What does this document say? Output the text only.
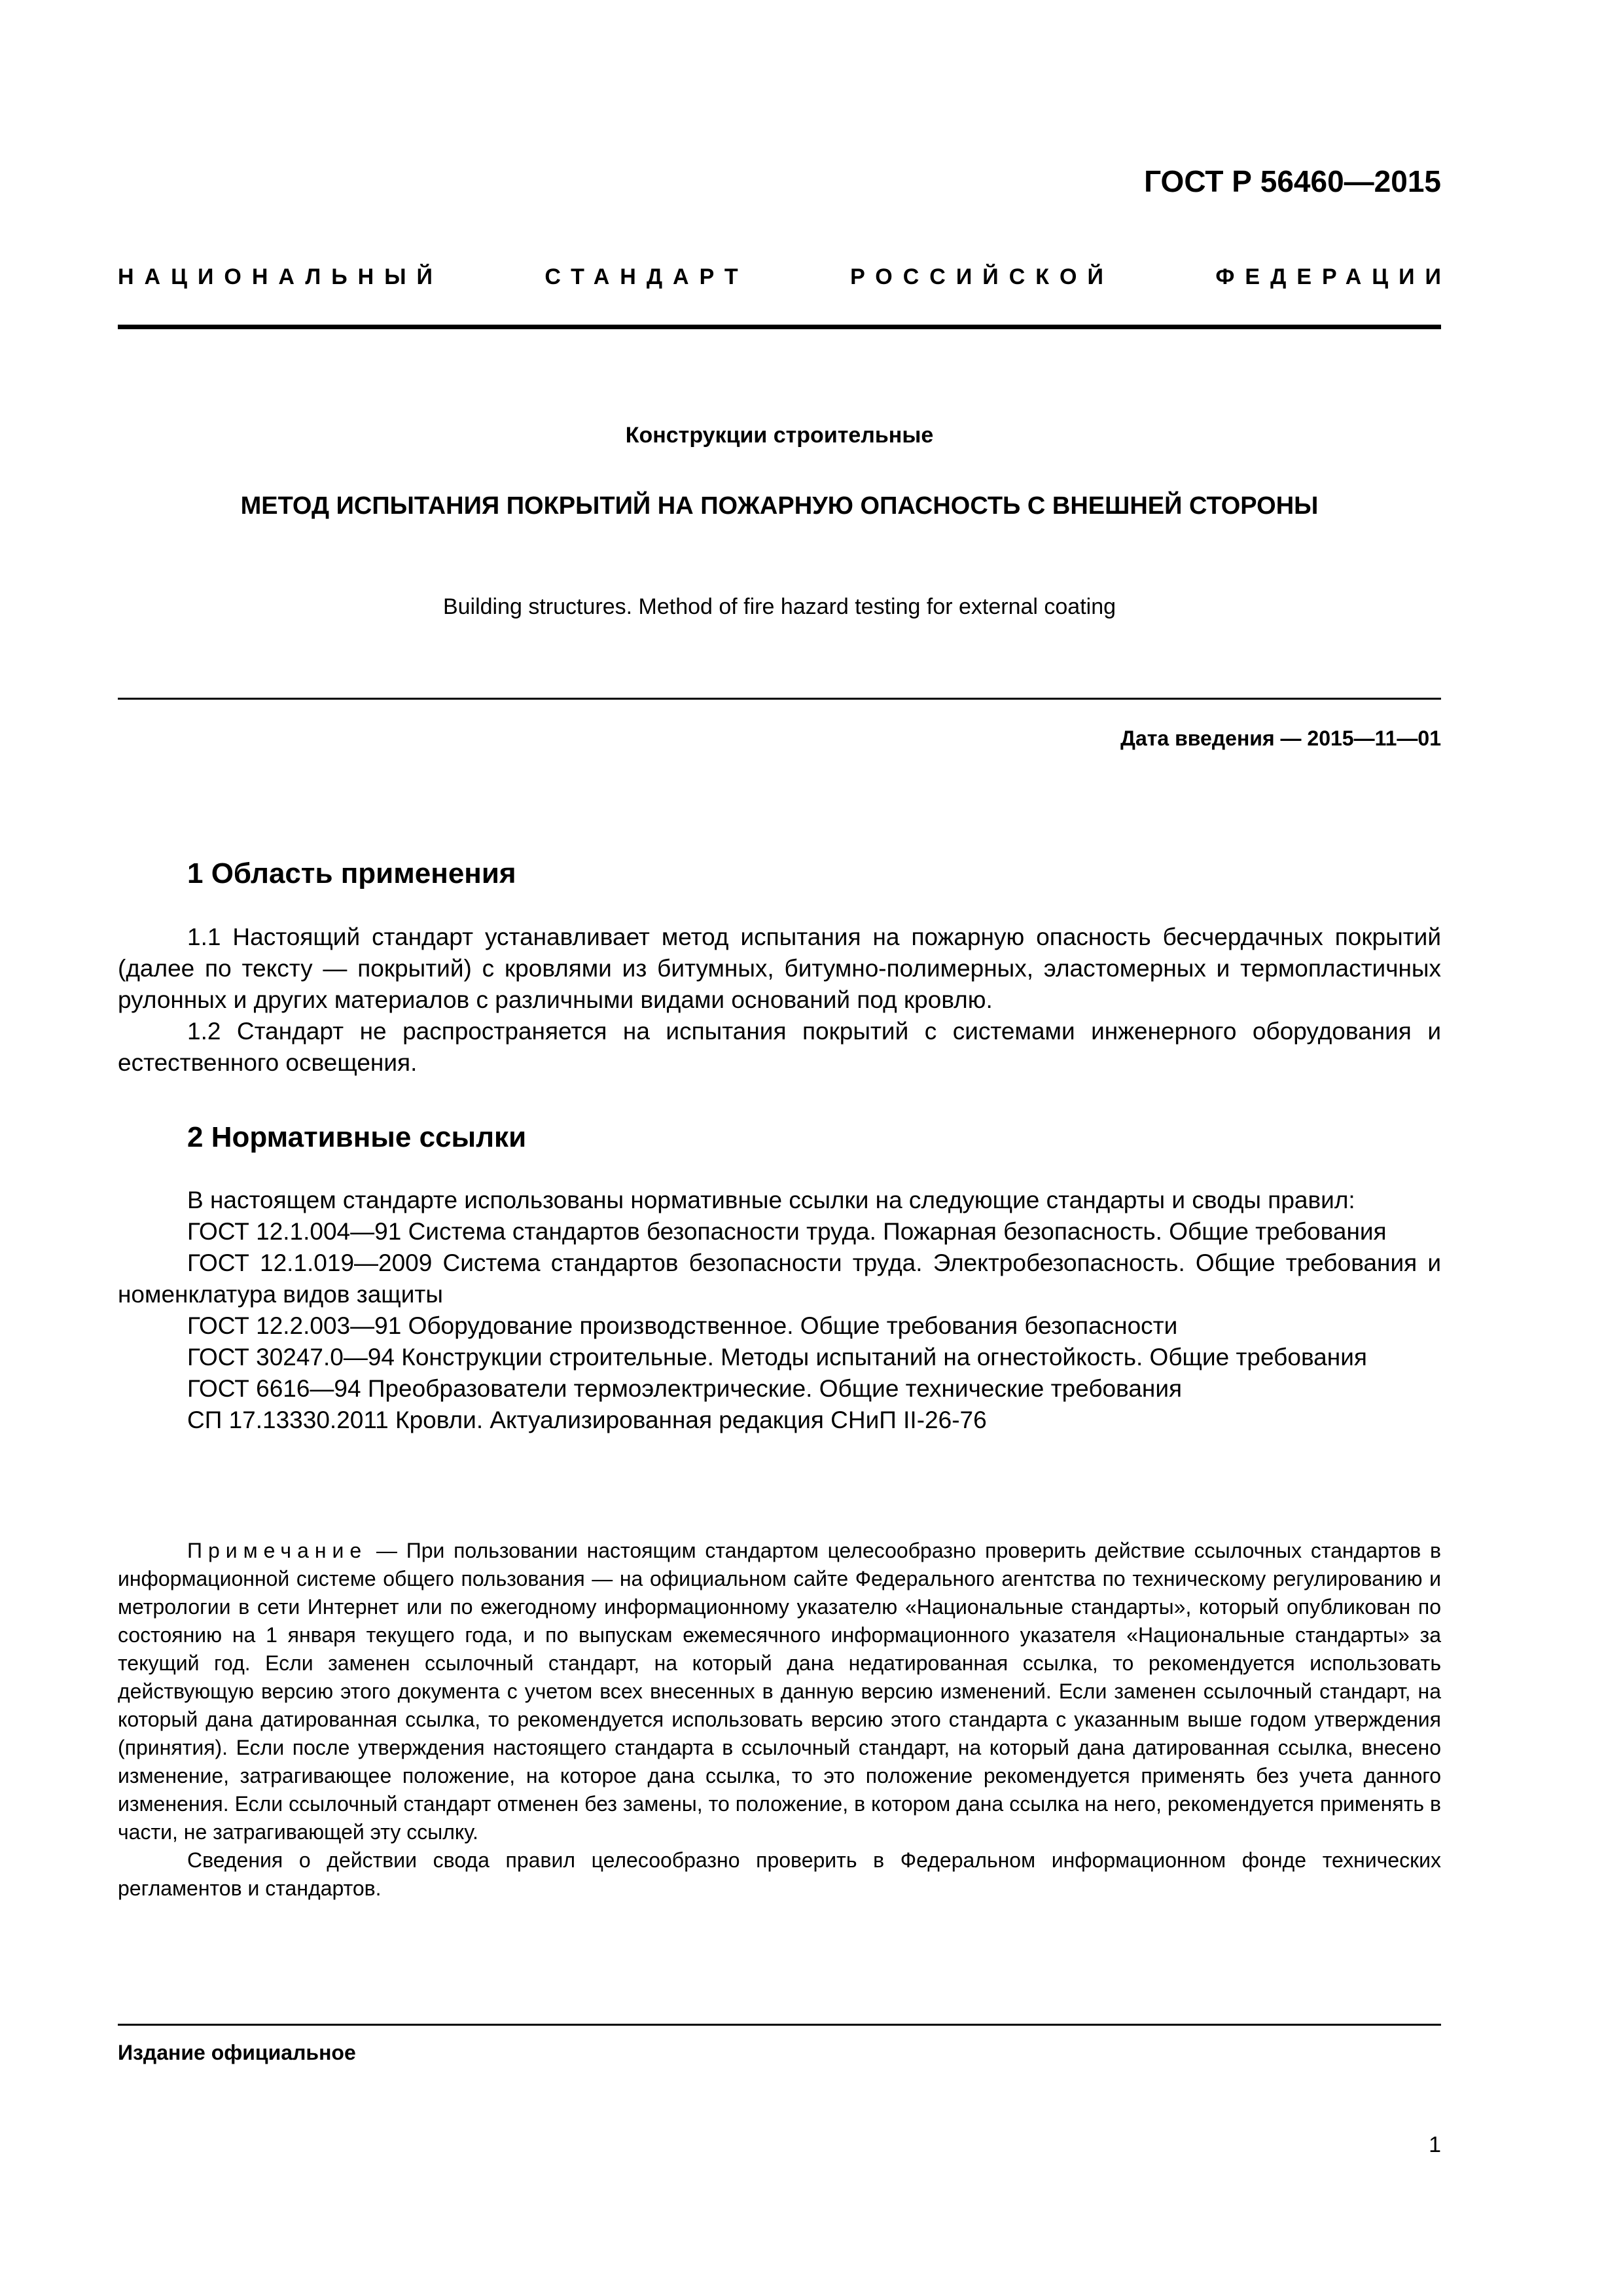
ГОСТ Р 56460—2015

НАЦИОНАЛЬНЫЙ	СТАНДАРТ	РОССИЙСКОЙ	ФЕДЕРАЦИИ

Конструкции строительные

МЕТОД ИСПЫТАНИЯ ПОКРЫТИЙ НА ПОЖАРНУЮ ОПАСНОСТЬ С ВНЕШНЕЙ СТОРОНЫ

Building structures. Method of fire hazard testing for external coating

Дата введения — 2015—11—01

1 Область применения

1.1 Настоящий стандарт устанавливает метод испытания на пожарную опасность бесчердачных покрытий (далее по тексту — покрытий) с кровлями из битумных, битумно-полимерных, эластомерных и термопластичных рулонных и других материалов с различными видами оснований под кровлю.

1.2 Стандарт не распространяется на испытания покрытий с системами инженерного оборудования и естественного освещения.

2 Нормативные ссылки

В настоящем стандарте использованы нормативные ссылки на следующие стандарты и своды правил:

ГОСТ 12.1.004—91 Система стандартов безопасности труда. Пожарная безопасность. Общие требования

ГОСТ 12.1.019—2009 Система стандартов безопасности труда. Электробезопасность. Общие требования и номенклатура видов защиты

ГОСТ 12.2.003—91 Оборудование производственное. Общие требования безопасности

ГОСТ 30247.0—94 Конструкции строительные. Методы испытаний на огнестойкость. Общие требования

ГОСТ 6616—94 Преобразователи термоэлектрические. Общие технические требования

СП 17.13330.2011 Кровли. Актуализированная редакция СНиП II-26-76

Примечание — При пользовании настоящим стандартом целесообразно проверить действие ссылочных стандартов в информационной системе общего пользования — на официальном сайте Федерального агентства по техническому регулированию и метрологии в сети Интернет или по ежегодному информационному указателю «Национальные стандарты», который опубликован по состоянию на 1 января текущего года, и по выпускам ежемесячного информационного указателя «Национальные стандарты» за текущий год. Если заменен ссылочный стандарт, на который дана недатированная ссылка, то рекомендуется использовать действующую версию этого документа с учетом всех внесенных в данную версию изменений. Если заменен ссылочный стандарт, на который дана датированная ссылка, то рекомендуется использовать версию этого стандарта с указанным выше годом утверждения (принятия). Если после утверждения настоящего стандарта в ссылочный стандарт, на который дана датированная ссылка, внесено изменение, затрагивающее положение, на которое дана ссылка, то это положение рекомендуется применять без учета данного изменения. Если ссылочный стандарт отменен без замены, то положение, в котором дана ссылка на него, рекомендуется применять в части, не затрагивающей эту ссылку.

Сведения о действии свода правил целесообразно проверить в Федеральном информационном фонде технических регламентов и стандартов.

Издание официальное

1
